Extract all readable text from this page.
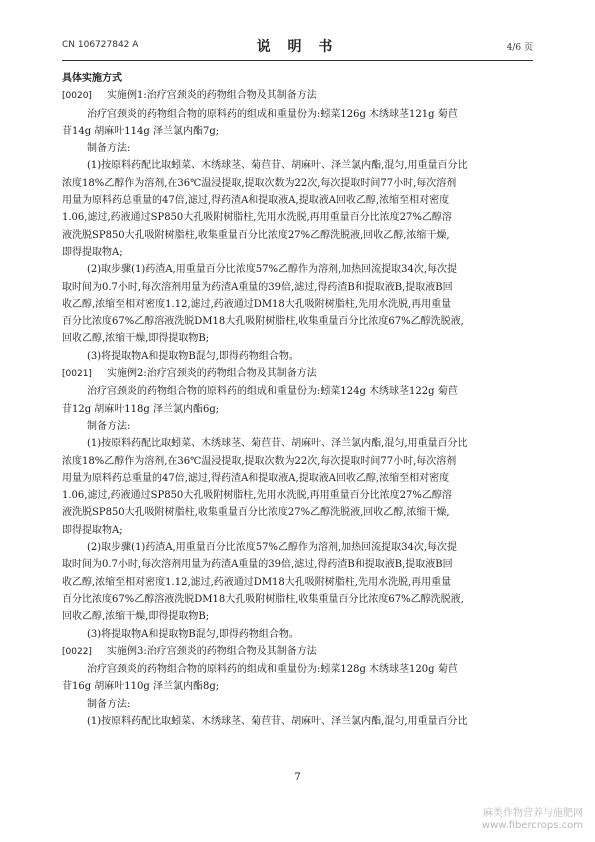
CN 106727842 A	说 明 书	4/6 页
具体实施方式
[0020] 实施例1:治疗宫颈炎的药物组合物及其制备方法
治疗宫颈炎的药物组合物的原料药的组成和重量份为:蚓菜126g 木绣球茎121g 菊苣
苷14g 胡麻叶114g 泽兰氯内酯7g;
制备方法:
(1)按原料药配比取蚓菜、木绣球茎、菊苣苷、胡麻叶、泽兰氯内酯,混匀,用重量百分比
浓度18%乙醇作为溶剂,在36℃温浸提取,提取次数为22次,每次提取时间77小时,每次溶剂
用量为原料药总重量的47倍,滤过,得药渣A和提取液A,提取液A回收乙醇,浓缩至相对密度
1.06,滤过,药液通过SP850大孔吸附树脂柱,先用水洗脱,再用重量百分比浓度27%乙醇溶
液洗脱SP850大孔吸附树脂柱,收集重量百分比浓度27%乙醇洗脱液,回收乙醇,浓缩干燥,
即得提取物A;
(2)取步骤(1)药渣A,用重量百分比浓度57%乙醇作为溶剂,加热回流提取34次,每次提
取时间为0.7小时,每次溶剂用量为药渣A重量的39倍,滤过,得药渣B和提取液B,提取液B回
收乙醇,浓缩至相对密度1.12,滤过,药液通过DM18大孔吸附树脂柱,先用水洗脱,再用重量
百分比浓度67%乙醇溶液洗脱DM18大孔吸附树脂柱,收集重量百分比浓度67%乙醇洗脱液,
回收乙醇,浓缩干燥,即得提取物B;
(3)将提取物A和提取物B混匀,即得药物组合物。
[0021] 实施例2:治疗宫颈炎的药物组合物及其制备方法
治疗宫颈炎的药物组合物的原料药的组成和重量份为:蚓菜124g 木绣球茎122g 菊苣
苷12g 胡麻叶118g 泽兰氯内酯6g;
制备方法:
(1)按原料药配比取蚓菜、木绣球茎、菊苣苷、胡麻叶、泽兰氯内酯,混匀,用重量百分比
浓度18%乙醇作为溶剂,在36℃温浸提取,提取次数为22次,每次提取时间77小时,每次溶剂
用量为原料药总重量的47倍,滤过,得药渣A和提取液A,提取液A回收乙醇,浓缩至相对密度
1.06,滤过,药液通过SP850大孔吸附树脂柱,先用水洗脱,再用重量百分比浓度27%乙醇溶
液洗脱SP850大孔吸附树脂柱,收集重量百分比浓度27%乙醇洗脱液,回收乙醇,浓缩干燥,
即得提取物A;
(2)取步骤(1)药渣A,用重量百分比浓度57%乙醇作为溶剂,加热回流提取34次,每次提
取时间为0.7小时,每次溶剂用量为药渣A重量的39倍,滤过,得药渣B和提取液B,提取液B回
收乙醇,浓缩至相对密度1.12,滤过,药液通过DM18大孔吸附树脂柱,先用水洗脱,再用重量
百分比浓度67%乙醇溶液洗脱DM18大孔吸附树脂柱,收集重量百分比浓度67%乙醇洗脱液,
回收乙醇,浓缩干燥,即得提取物B;
(3)将提取物A和提取物B混匀,即得药物组合物。
[0022] 实施例3:治疗宫颈炎的药物组合物及其制备方法
治疗宫颈炎的药物组合物的原料药的组成和重量份为:蚓菜128g 木绣球茎120g 菊苣
苷16g 胡麻叶110g 泽兰氯内酯8g;
制备方法:
(1)按原料药配比取蚓菜、木绣球茎、菊苣苷、胡麻叶、泽兰氯内酯,混匀,用重量百分比
7
麻类作物营养与施肥网
www.fibercrops.com
